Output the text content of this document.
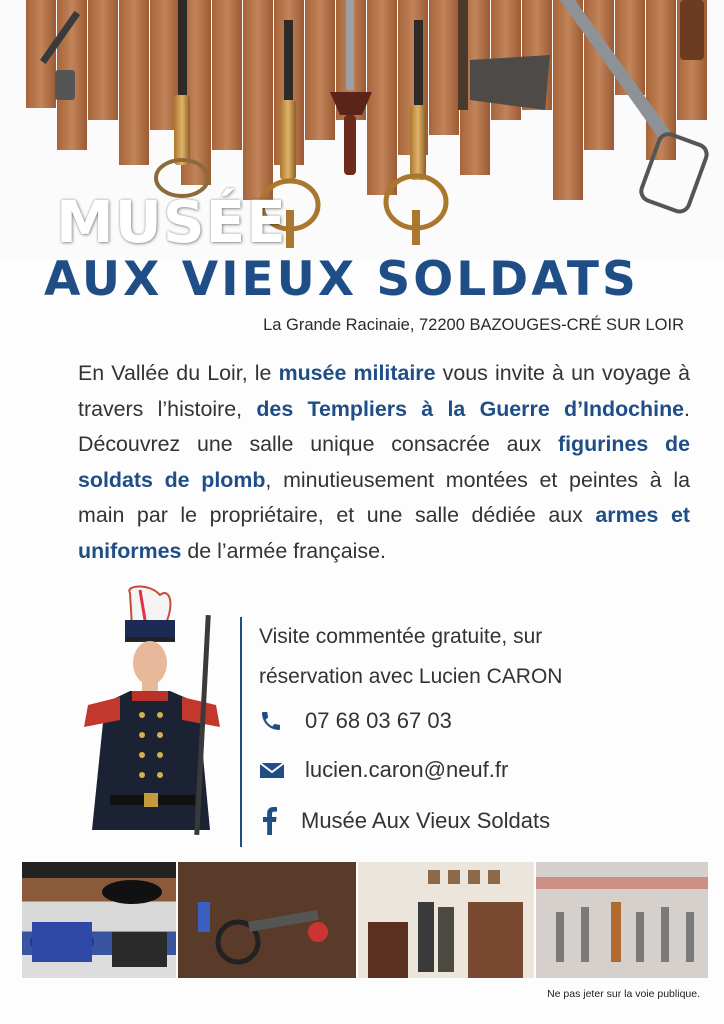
MUSÉE
AUX VIEUX SOLDATS
La Grande Racinaie, 72200 BAZOUGES-CRÉ SUR LOIR
En Vallée du Loir, le musée militaire vous invite à un voyage à travers l’histoire, des Templiers à la Guerre d’Indochine. Découvrez une salle unique consacrée aux figurines de soldats de plomb, minutieusement montées et peintes à la main par le propriétaire, et une salle dédiée aux armes et uniformes de l’armée française.
Visite commentée gratuite, sur
réservation avec Lucien CARON
07 68 03 67 03
lucien.caron@neuf.fr
Musée Aux Vieux Soldats
Ne pas jeter sur la voie publique.
